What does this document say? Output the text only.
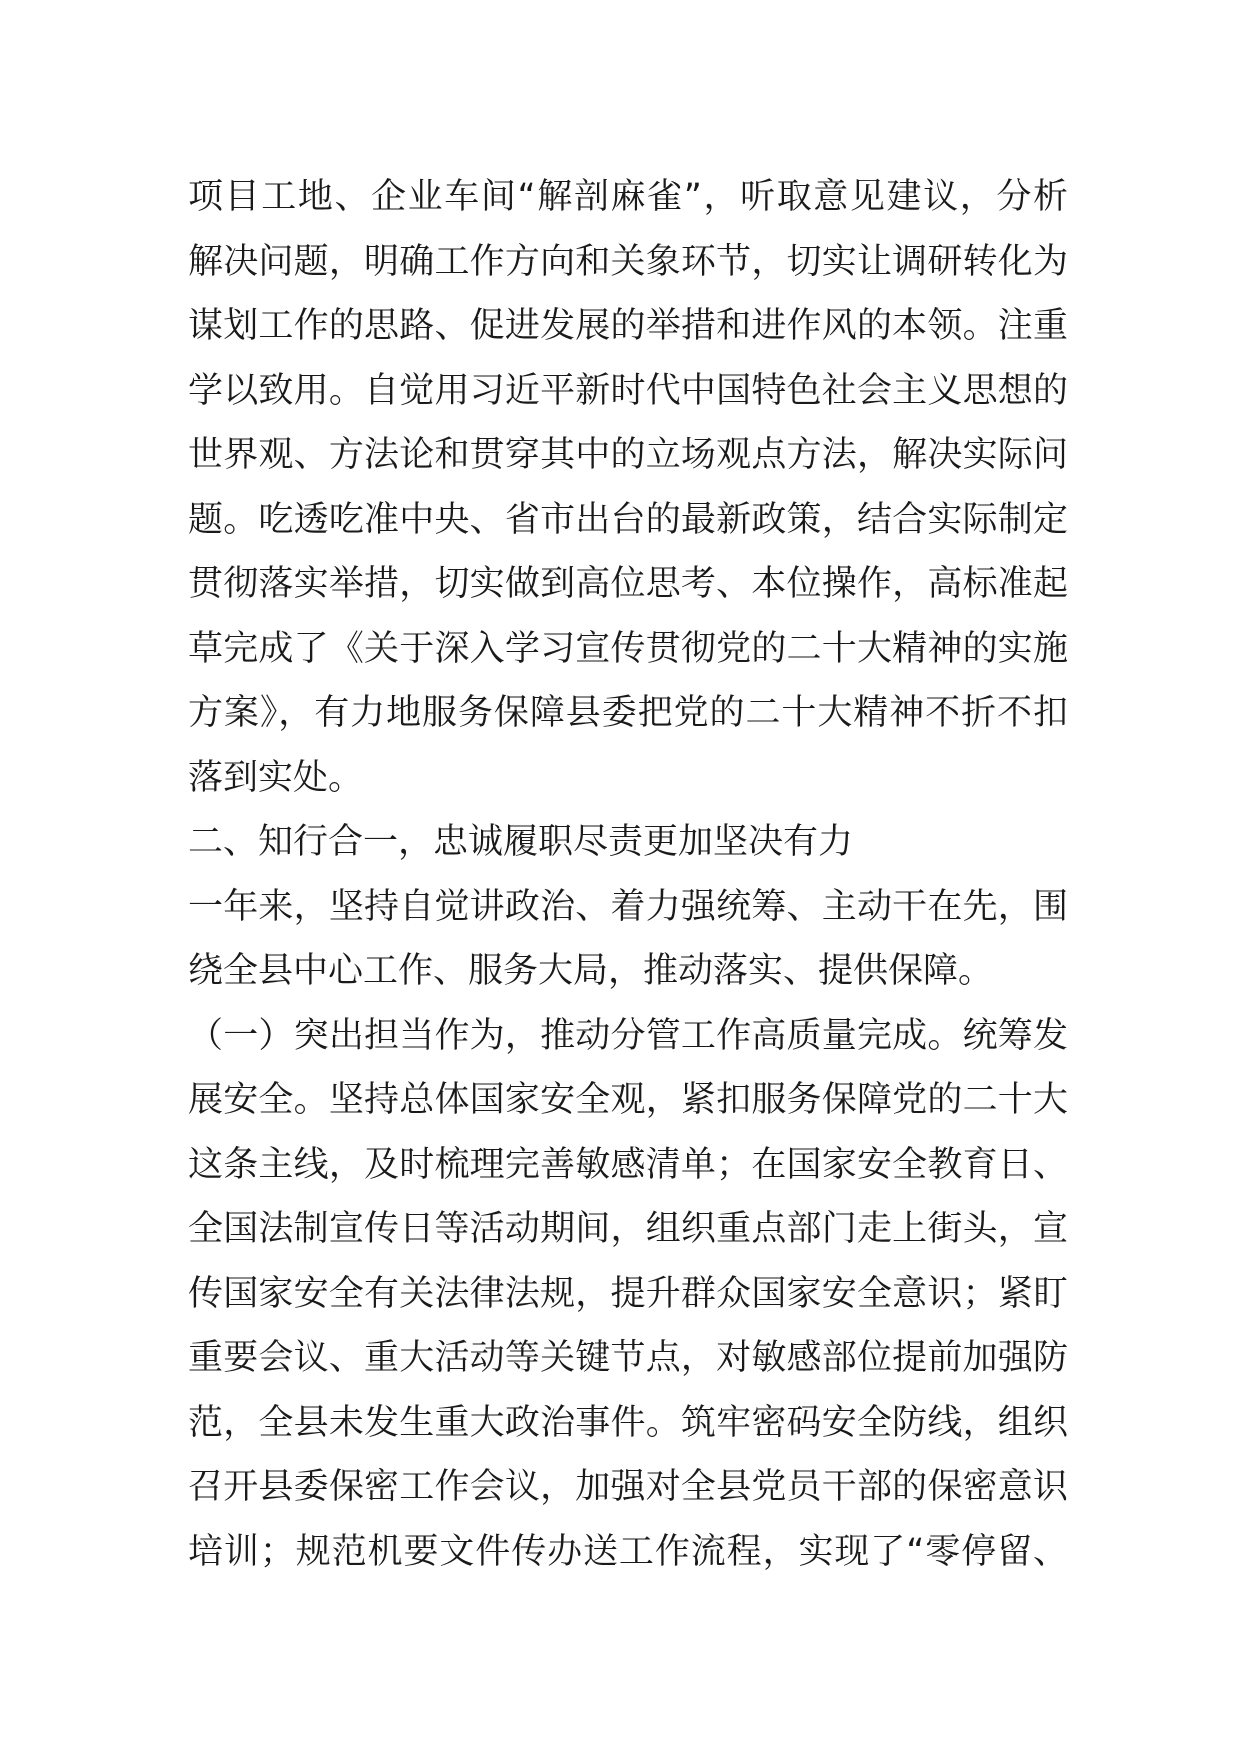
项目工地、企业车间“解剖麻雀”，听取意见建议，分析
解决问题，明确工作方向和关象环节，切实让调研转化为
谋划工作的思路、促进发展的举措和进作风的本领。注重
学以致用。自觉用习近平新时代中国特色社会主义思想的
世界观、方法论和贯穿其中的立场观点方法，解决实际问
题。吃透吃准中央、省市出台的最新政策，结合实际制定
贯彻落实举措，切实做到高位思考、本位操作，高标准起
草完成了《关于深入学习宣传贯彻党的二十大精神的实施
方案》，有力地服务保障县委把党的二十大精神不折不扣
落到实处。
二、知行合一，忠诚履职尽责更加坚决有力
一年来，坚持自觉讲政治、着力强统筹、主动干在先，围
绕全县中心工作、服务大局，推动落实、提供保障。
（一）突出担当作为，推动分管工作高质量完成。统筹发
展安全。坚持总体国家安全观，紧扣服务保障党的二十大
这条主线，及时梳理完善敏感清单；在国家安全教育日、
全国法制宣传日等活动期间，组织重点部门走上街头，宣
传国家安全有关法律法规，提升群众国家安全意识；紧盯
重要会议、重大活动等关键节点，对敏感部位提前加强防
范，全县未发生重大政治事件。筑牢密码安全防线，组织
召开县委保密工作会议，加强对全县党员干部的保密意识
培训；规范机要文件传办送工作流程，实现了“零停留、
